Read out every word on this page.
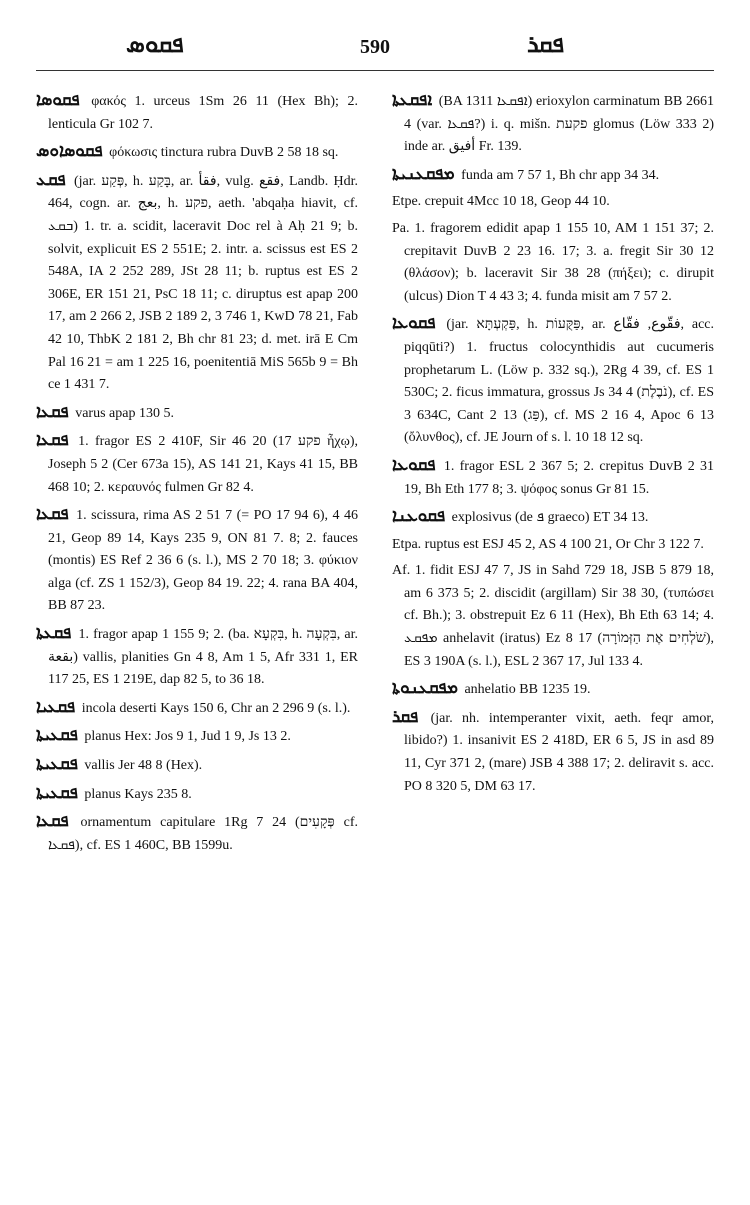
ܦܩܘܣ	590	ܦܩܪ

ܦܩܘܣܐ φακός 1. urceus 1Sm 26 11 (Hex Bh); 2. lenticula Gr 102 7.

ܦܩܘܣܐܘܣ φόκωσις tinctura rubra DuvB 2 58 18 sq.

ܦܩܥ (jar. פְּקַע, h. בָּקַע, ar. فقأ, vulg. فقع, Landb. Ḥdr. 464, cogn. ar. بعج, h. פקע, aeth. 'abqaḥa hiavit, cf. ܒܩܥ) 1. tr. a. scidit, laceravit Doc rel à Aḥ 21 9; b. solvit, explicuit ES 2 551E; 2. intr. a. scissus est ES 2 548A, IA 2 252 289, JSt 28 11; b. ruptus est ES 2 306E, ER 151 21, PsC 18 11; c. diruptus est apap 200 17, am 2 266 2, JSB 2 189 2, 3 746 1, KwD 78 21, Fab 42 10, ThbK 2 181 2, Bh chr 81 23; d. met. irā E Cm Pal 16 21 = am 1 225 16, poenitentiā MiS 565b 9 = Bh ce 1 431 7.

ܦܩܥܐ varus apap 130 5.

ܦܩܥܐ 1. fragor ES 2 410F, Sir 46 20 (17 פקע ἦχῳ), Joseph 5 2 (Cer 673a 15), AS 141 21, Kays 41 15, BB 468 10; 2. κεραυνός fulmen Gr 82 4.

ܦܩܥܐ 1. scissura, rima AS 2 51 7 (= PO 17 94 6), 4 46 21, Geop 89 14, Kays 235 9, ON 81 7. 8; 2. fauces (montis) ES Ref 2 36 6 (s. l.), MS 2 70 18; 3. φύκιον alga (cf. ZS 1 152/3), Geop 84 19. 22; 4. rana BA 404, BB 87 23.

ܦܩܥܬܐ 1. fragor apap 1 155 9; 2. (ba. בִּקְעָא, h. בִּקְעָה, ar. بقعة) vallis, planities Gn 4 8, Am 1 5, Afr 331 1, ER 117 25, ES 1 219E, dap 82 5, to 36 18.

ܦܩܥܝܐ incola deserti Kays 150 6, Chr an 2 296 9 (s. l.).

ܦܩܥܝܬܐ planus Hex: Jos 9 1, Jud 1 9, Js 13 2.

ܦܩܥܝܬܐ vallis Jer 48 8 (Hex).

ܦܩܥܝܬܐ planus Kays 235 8.

ܦܩܥܐ ornamentum capitulare 1Rg 7 24 (פְּקָעִים cf. ܦܩܥܐ), cf. ES 1 460C, BB 1599u.

ܐܦܩܥܬܐ (BA 1311 ܐܦܩܥܐ) erioxylon carminatum BB 2661 4 (var. ܦܩܥܐ?) i. q. mišn. פקעת glomus (Löw 333 2) inde ar. أفيق Fr. 139.

ܡܦܩܥܢܝܬܐ funda am 7 57 1, Bh chr app 34 34.

Etpe. crepuit 4Mcc 10 18, Geop 44 10.

Pa. 1. fragorem edidit apap 1 155 10, AM 1 151 37; 2. crepitavit DuvB 2 23 16. 17; 3. a. fregit Sir 30 12 (θλάσον); b. laceravit Sir 38 28 (πήξει); c. dirupit (ulcus) Dion T 4 43 3; 4. funda misit am 7 57 2.

ܦܩܘܥܐ (jar. פַּקְעְתָּא, h. פַּקֻּעוֹת, ar. فقّوع, فقّاع, acc. piqqūti?) 1. fructus colocynthidis aut cucumeris prophetarum L. (Löw p. 332 sq.), 2Rg 4 39, cf. ES 1 530C; 2. ficus immatura, grossus Js 34 4 (נֹבֶלֶת), cf. ES 3 634C, Cant 2 13 (פַּג), cf. MS 2 16 4, Apoc 6 13 (ὄλυνθος), cf. JE Journ of s. l. 10 18 12 sq.

ܦܩܘܥܐ 1. fragor ESL 2 367 5; 2. crepitus DuvB 2 31 19, Bh Eth 177 8; 3. ψόφος sonus Gr 81 15.

ܦܩܘܥܢܐ explosivus (de ܦ graeco) ET 34 13.

Etpa. ruptus est ESJ 45 2, AS 4 100 21, Or Chr 3 122 7.

Af. 1. fidit ESJ 47 7, JS in Sahd 729 18, JSB 5 879 18, am 6 373 5; 2. discidit (argillam) Sir 38 30, (τυπώσει cf. Bh.); 3. obstrepuit Ez 6 11 (Hex), Bh Eth 63 14; 4. ܡܦܩܥ anhelavit (iratus) Ez 8 17 (שֹׁלְחִים אֶת הַזְּמוֹרָה), ES 3 190A (s. l.), ESL 2 367 17, Jul 133 4.

ܡܦܩܥܢܘܬܐ anhelatio BB 1235 19.

ܦܩܪ (jar. nh. intemperanter vixit, aeth. feqr amor, libido?) 1. insanivit ES 2 418D, ER 6 5, JS in asd 89 11, Cyr 371 2, (mare) JSB 4 388 17; 2. deliravit s. acc. PO 8 320 5, DM 63 17.
